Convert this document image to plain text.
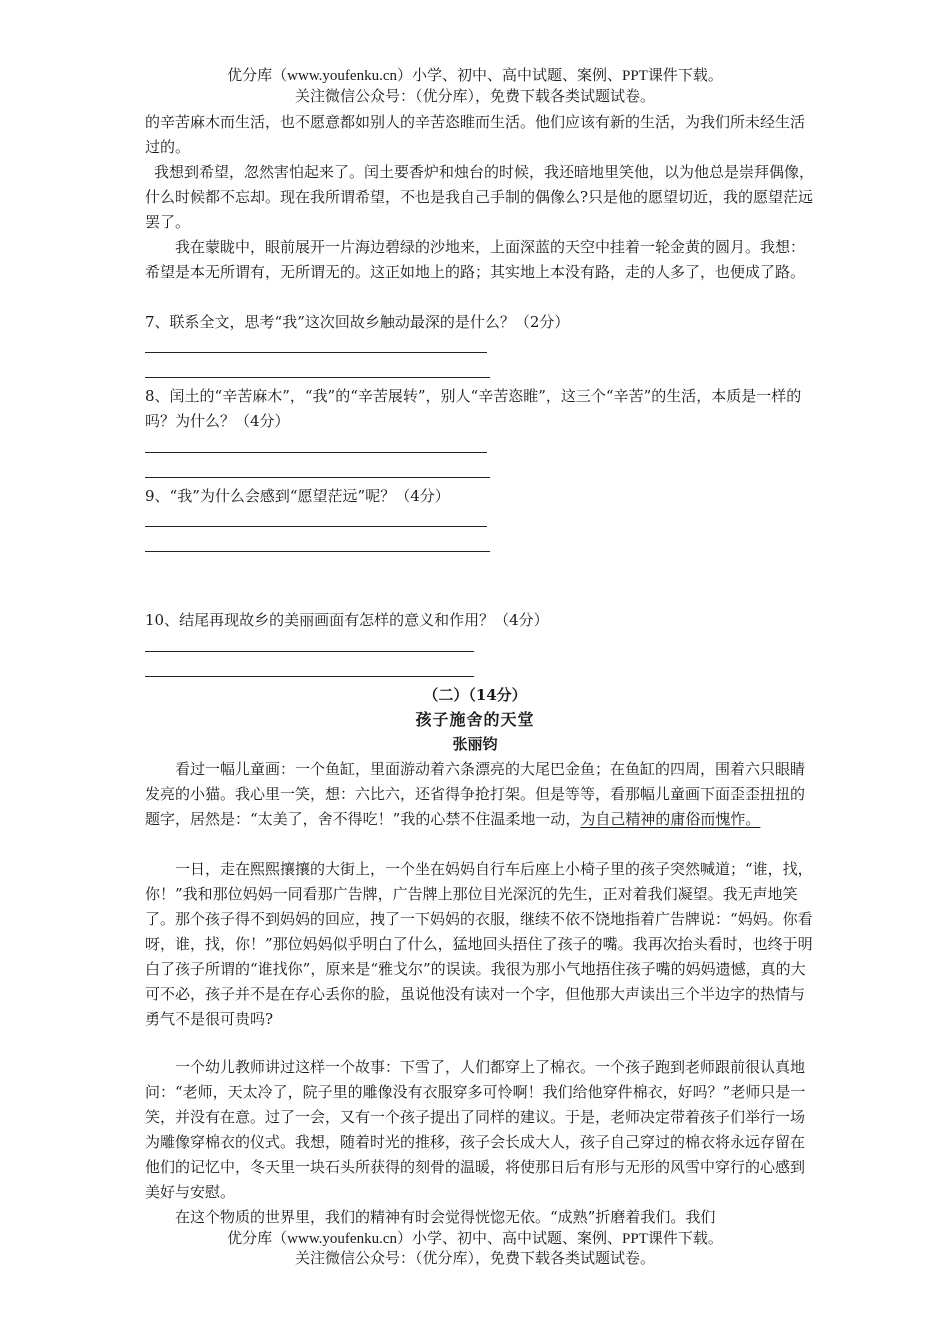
优分库（www.youfenku.cn）小学、初中、高中试题、案例、PPT课件下载。
关注微信公众号：（优分库），免费下载各类试题试卷。

的辛苦麻木而生活，也不愿意都如别人的辛苦恣睢而生活。他们应该有新的生活，为我们所未经生活过的。

我想到希望，忽然害怕起来了。闰土要香炉和烛台的时候，我还暗地里笑他，以为他总是崇拜偶像，什么时候都不忘却。现在我所谓希望，不也是我自己手制的偶像么?只是他的愿望切近，我的愿望茫远罢了。

我在蒙眬中，眼前展开一片海边碧绿的沙地来，上面深蓝的天空中挂着一轮金黄的圆月。我想：希望是本无所谓有，无所谓无的。这正如地上的路；其实地上本没有路，走的人多了，也便成了路。

7、联系全文，思考“我”这次回故乡触动最深的是什么？（2分）

8、闰土的“辛苦麻木”，“我”的“辛苦展转”，别人“辛苦恣睢”，这三个“辛苦”的生活，本质是一样的吗？为什么？（4分）

9、“我”为什么会感到“愿望茫远”呢？（4分）

10、结尾再现故乡的美丽画面有怎样的意义和作用？（4分）

（二）（14分）

孩子施舍的天堂

张丽钧

看过一幅儿童画：一个鱼缸，里面游动着六条漂亮的大尾巴金鱼；在鱼缸的四周，围着六只眼睛发亮的小猫。我心里一笑，想：六比六，还省得争抢打架。但是等等，看那幅儿童画下面歪歪扭扭的题字，居然是：“太美了，舍不得吃！”我的心禁不住温柔地一动，为自己精神的庸俗而愧怍。

一日，走在熙熙攘攘的大街上，一个坐在妈妈自行车后座上小椅子里的孩子突然喊道；“谁，找，你！”我和那位妈妈一同看那广告牌，广告牌上那位目光深沉的先生，正对着我们凝望。我无声地笑了。那个孩子得不到妈妈的回应，拽了一下妈妈的衣服，继续不依不饶地指着广告牌说：“妈妈。你看呀，谁，找，你！”那位妈妈似乎明白了什么，猛地回头捂住了孩子的嘴。我再次抬头看时，也终于明白了孩子所谓的“谁找你”，原来是“雅戈尔”的误读。我很为那小气地捂住孩子嘴的妈妈遗憾，真的大可不必，孩子并不是在存心丢你的脸，虽说他没有读对一个字，但他那大声读出三个半边字的热情与勇气不是很可贵吗?

一个幼儿教师讲过这样一个故事：下雪了，人们都穿上了棉衣。一个孩子跑到老师跟前很认真地问：“老师，天太冷了，院子里的雕像没有衣服穿多可怜啊！我们给他穿件棉衣，好吗？”老师只是一笑，并没有在意。过了一会，又有一个孩子提出了同样的建议。于是，老师决定带着孩子们举行一场为雕像穿棉衣的仪式。我想，随着时光的推移，孩子会长成大人，孩子自己穿过的棉衣将永远存留在他们的记忆中，冬天里一块石头所获得的刻骨的温暖，将使那日后有形与无形的风雪中穿行的心感到美好与安慰。

在这个物质的世界里，我们的精神有时会觉得恍惚无依。“成熟”折磨着我们。我们

优分库（www.youfenku.cn）小学、初中、高中试题、案例、PPT课件下载。
关注微信公众号：（优分库），免费下载各类试题试卷。
